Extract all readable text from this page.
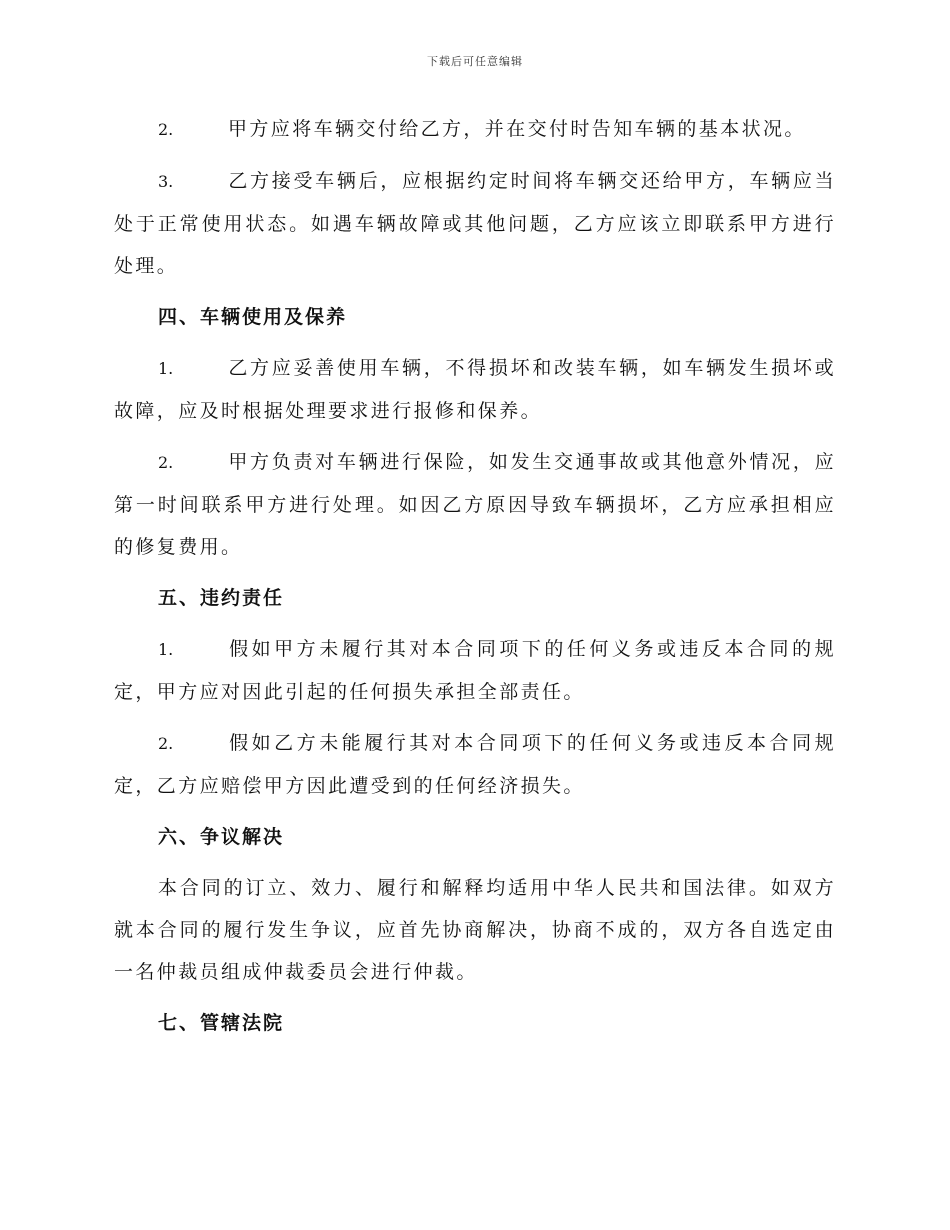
下载后可任意编辑

2.	甲方应将车辆交付给乙方，并在交付时告知车辆的基本状况。

3.	乙方接受车辆后，应根据约定时间将车辆交还给甲方，车辆应当处于正常使用状态。如遇车辆故障或其他问题，乙方应该立即联系甲方进行处理。

四、车辆使用及保养

1.	乙方应妥善使用车辆，不得损坏和改装车辆，如车辆发生损坏或故障，应及时根据处理要求进行报修和保养。

2.	甲方负责对车辆进行保险，如发生交通事故或其他意外情况，应第一时间联系甲方进行处理。如因乙方原因导致车辆损坏，乙方应承担相应的修复费用。

五、违约责任

1.	假如甲方未履行其对本合同项下的任何义务或违反本合同的规定，甲方应对因此引起的任何损失承担全部责任。

2.	假如乙方未能履行其对本合同项下的任何义务或违反本合同规定，乙方应赔偿甲方因此遭受到的任何经济损失。

六、争议解决

本合同的订立、效力、履行和解释均适用中华人民共和国法律。如双方就本合同的履行发生争议，应首先协商解决，协商不成的，双方各自选定由一名仲裁员组成仲裁委员会进行仲裁。

七、管辖法院
